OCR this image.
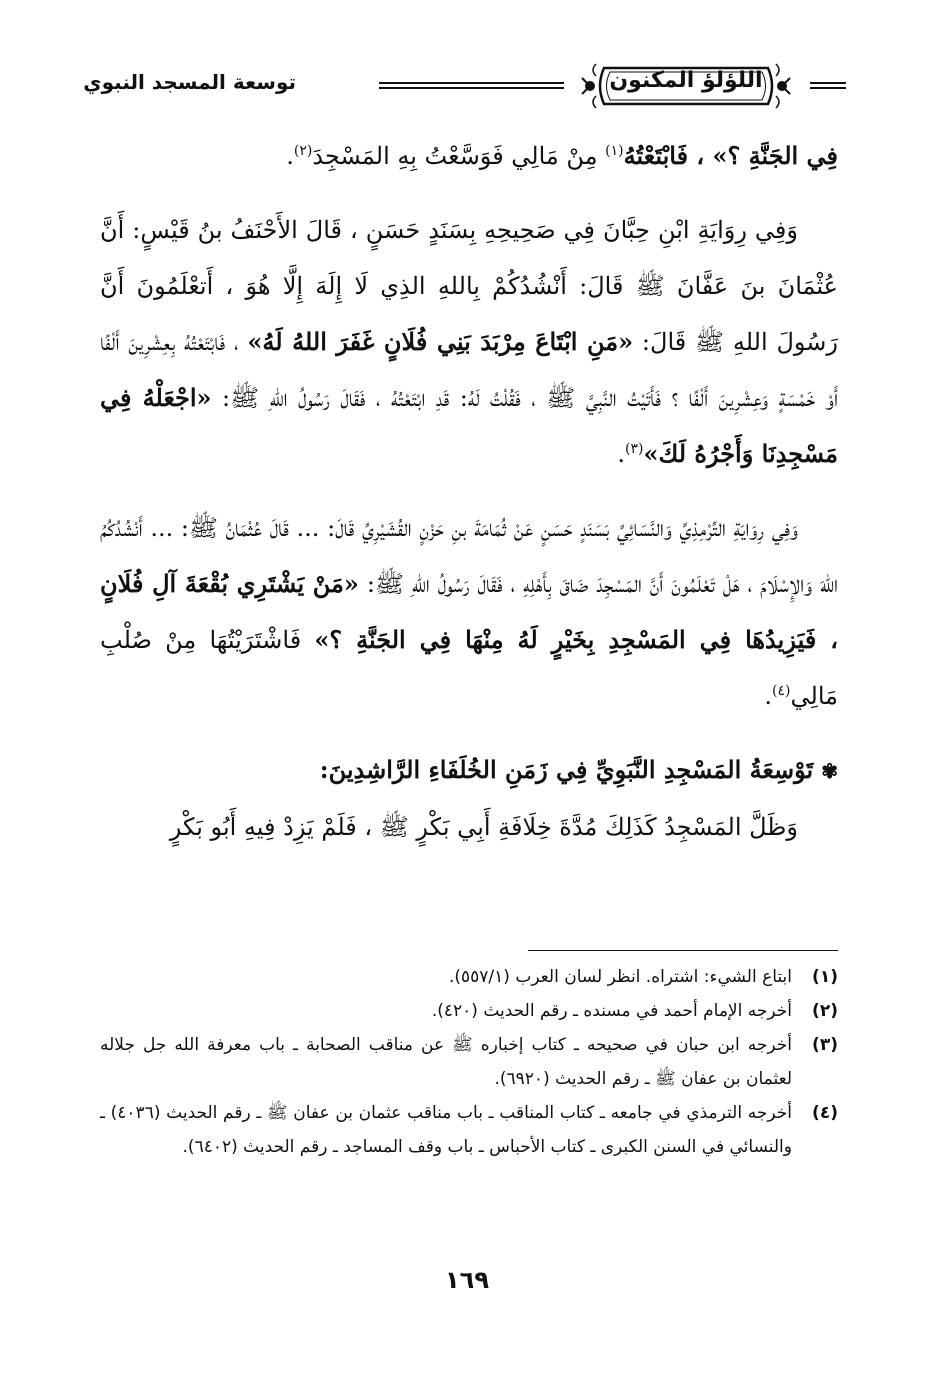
اللؤلؤ المكنون
توسعة المسجد النبوي

فِي الجَنَّةِ ؟» ، فَابْتَعْتُهُ$^{(١)}$ مِنْ مَالِي فَوَسَّعْتُ بِهِ المَسْجِدَ$^{(٢)}$.

وَفِي رِوَايَةِ ابْنِ حِبَّانَ فِي صَحِيحِهِ بِسَنَدٍ حَسَنٍ ، قَالَ الأَحْنَفُ بنُ قَيْسٍ: أَنَّ عُثْمَانَ بنَ عَفَّانَ ﷺ قَالَ: أَنْشُدُكُمْ بِاللهِ الذِي لَا إِلَهَ إِلَّا هُوَ ، أَتعْلَمُونَ أَنَّ رَسُولَ اللهِ ﷺ قَالَ: «مَنِ ابْتَاعَ مِرْبَدَ بَنِي فُلَانٍ غَفَرَ اللهُ لَهُ» ، فَابْتَعْتُهُ بِعِشْرِينَ أَلْفًا أَوْ خَمْسَةٍ وَعِشْرِينَ أَلْفًا ؟ فَأَتَيْتُ النَّبِيَّ ﷺ ، فَقُلْتُ لَهُ: قَدِ ابْتَعْتُهُ ، فَقَالَ رَسُولُ اللهِ ﷺ: «اجْعَلْهُ فِي مَسْجِدِنَا وَأَجْرُهُ لَكَ»$^{(٣)}$.

وَفِي رِوَايَةِ التِّرْمِذِيِّ وَالنَّسَائِيِّ بَسَنَدٍ حَسَنٍ عَنْ ثُمَامَةَ بنِ حَزْنٍ القُشَيْرِيِّ قَالَ: ... قَالَ عُثْمَانُ ﷺ: ... أَنْشُدُكُمُ اللهَ وَالإِسْلَامَ ، هَلْ تَعْلَمُونَ أَنَّ المَسْجِدَ ضَاقَ بِأَهْلِهِ ، فَقَالَ رَسُولُ اللهِ ﷺ: «مَنْ يَشْتَرِي بُقْعَةَ آلِ فُلَانٍ ، فَيَزِيدُهَا فِي المَسْجِدِ بِخَيْرٍ لَهُ مِنْهَا فِي الجَنَّةِ ؟» فَاشْتَرَيْتُهَا مِنْ صُلْبِ مَالِي$^{(٤)}$.

✾تَوْسِعَةُ المَسْجِدِ النَّبَوِيِّ فِي زَمَنِ الخُلَفَاءِ الرَّاشِدِينَ:

وَظَلَّ المَسْجِدُ كَذَلِكَ مُدَّةَ خِلَافَةِ أَبِي بَكْرٍ ﷺ ، فَلَمْ يَزِدْ فِيهِ أَبُو بَكْرٍ

(١)
ابتاع الشيء: اشتراه. انظر لسان العرب (٥٥٧/١).
(٢)
أخرجه الإمام أحمد في مسنده ـ رقم الحديث (٤٢٠).
(٣)
أخرجه ابن حبان في صحيحه ـ كتاب إخباره ﷺ عن مناقب الصحابة ـ باب معرفة الله جل جلاله لعثمان بن عفان ﷺ ـ رقم الحديث (٦٩٢٠).
(٤)
أخرجه الترمذي في جامعه ـ كتاب المناقب ـ باب مناقب عثمان بن عفان ﷺ ـ رقم الحديث (٤٠٣٦) ـ والنسائي في السنن الكبرى ـ كتاب الأحباس ـ باب وقف المساجد ـ رقم الحديث (٦٤٠٢).
١٦٩
